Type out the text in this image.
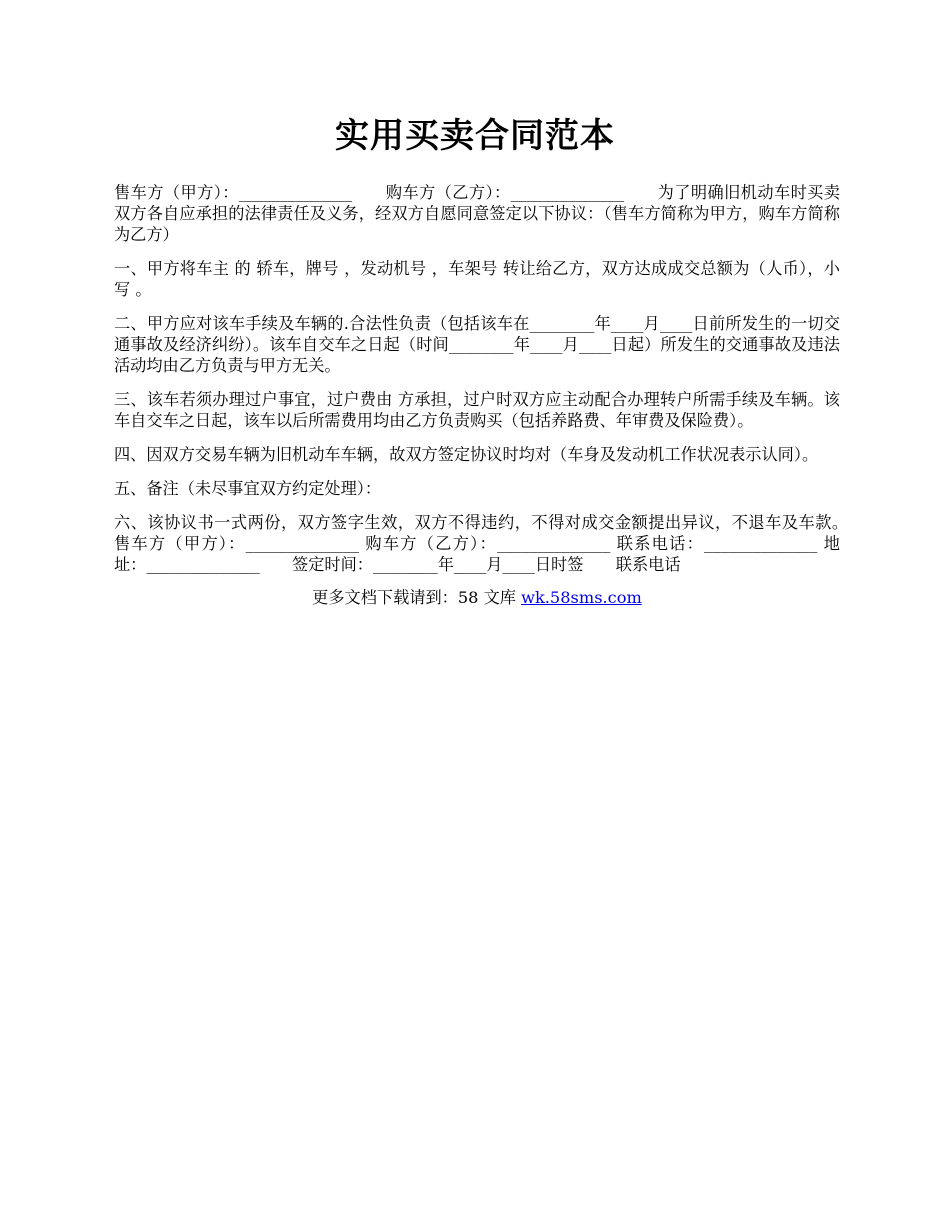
实用买卖合同范本

售车方（甲方）：______________　　购车方（乙方）：______________　　为了明确旧机动车时买卖双方各自应承担的法律责任及义务，经双方自愿同意签定以下协议：（售车方简称为甲方，购车方简称为乙方）

一、甲方将车主 的 轿车，牌号 ，发动机号 ，车架号 转让给乙方，双方达成成交总额为（人币），小写 。

二、甲方应对该车手续及车辆的.合法性负责（包括该车在________年____月____日前所发生的一切交通事故及经济纠纷）。该车自交车之日起（时间________年____月____日起）所发生的交通事故及违法活动均由乙方负责与甲方无关。

三、该车若须办理过户事宜，过户费由 方承担，过户时双方应主动配合办理转户所需手续及车辆。该车自交车之日起，该车以后所需费用均由乙方负责购买（包括养路费、年审费及保险费）。

四、因双方交易车辆为旧机动车车辆，故双方签定协议时均对（车身及发动机工作状况表示认同）。

五、备注（未尽事宜双方约定处理）：

六、该协议书一式两份，双方签字生效，双方不得违约，不得对成交金额提出异议，不退车及车款。　　售车方（甲方）：______________ 购车方（乙方）：______________ 联系电话：______________ 地址：______________　　签定时间：________年____月____日时签　　联系电话

更多文档下载请到：58 文库 wk.58sms.com
